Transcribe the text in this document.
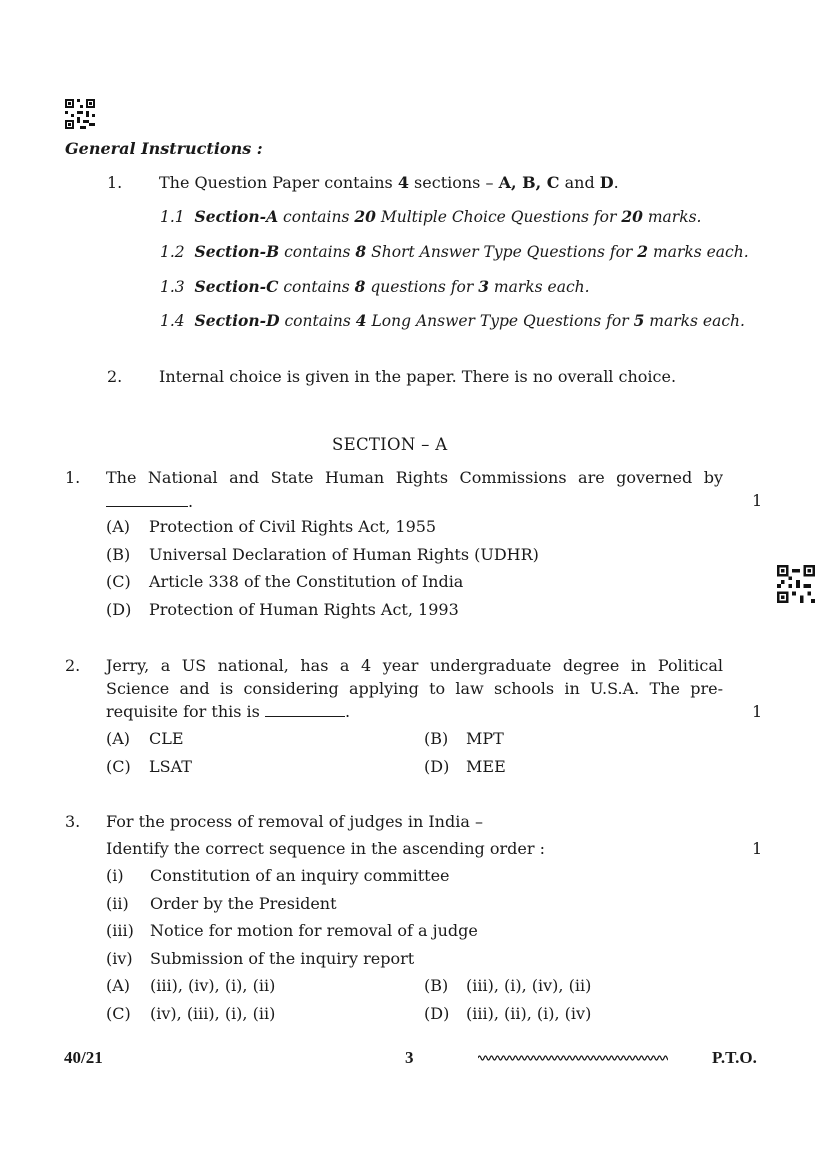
General Instructions :
1. The Question Paper contains 4 sections – A, B, C and D.
1.1 Section-A contains 20 Multiple Choice Questions for 20 marks.
1.2 Section-B contains 8 Short Answer Type Questions for 2 marks each.
1.3 Section-C contains 8 questions for 3 marks each.
1.4 Section-D contains 4 Long Answer Type Questions for 5 marks each.
2. Internal choice is given in the paper. There is no overall choice.
SECTION – A
1. The National and State Human Rights Commissions are governed by
.	1
(A) Protection of Civil Rights Act, 1955
(B) Universal Declaration of Human Rights (UDHR)
(C) Article 338 of the Constitution of India
(D) Protection of Human Rights Act, 1993
2. Jerry, a US national, has a 4 year undergraduate degree in Political
Science and is considering applying to law schools in U.S.A. The pre-
requisite for this is	.	1
(A) CLE	(B) MPT
(C) LSAT	(D) MEE
3. For the process of removal of judges in India –
Identify the correct sequence in the ascending order :	1
(i) Constitution of an inquiry committee
(ii) Order by the President
(iii) Notice for motion for removal of a judge
(iv) Submission of the inquiry report
(A) (iii), (iv), (i), (ii)	(B) (iii), (i), (iv), (ii)
(C) (iv), (iii), (i), (ii)	(D) (iii), (ii), (i), (iv)
40/21	3	P.T.O.
